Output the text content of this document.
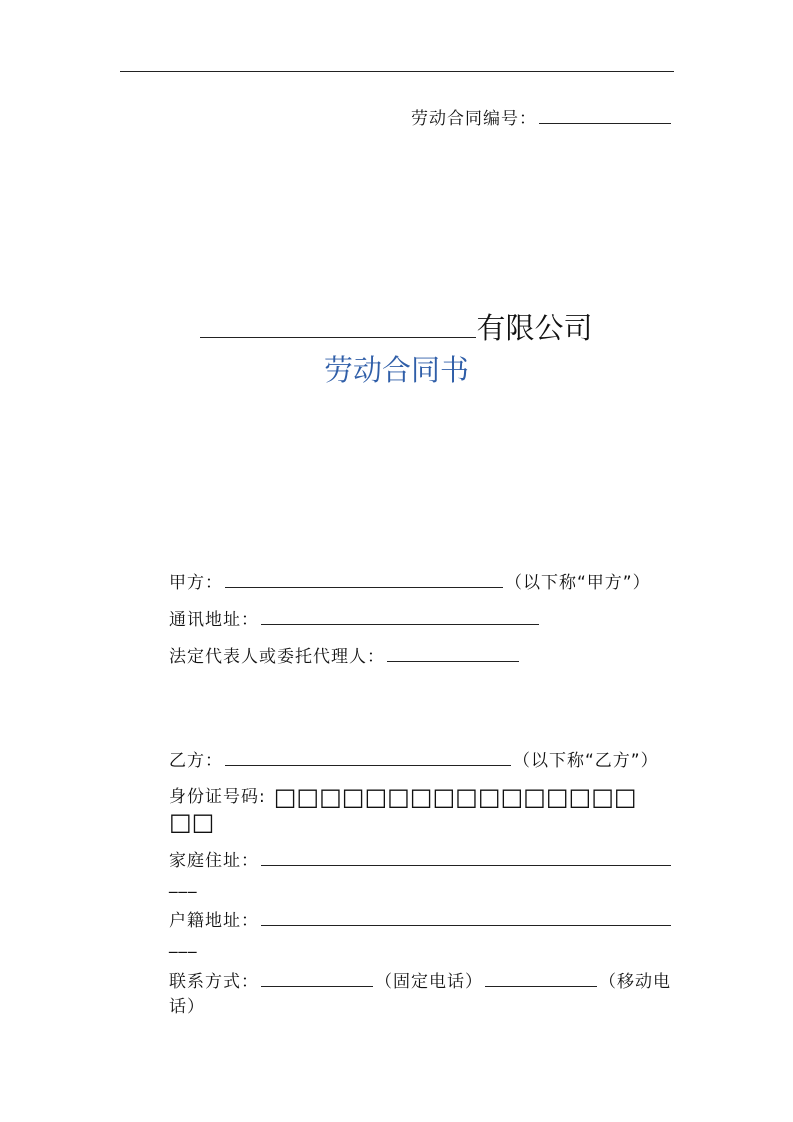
劳动合同编号：
有限公司
劳动合同书
甲方：	（以下称“甲方”）
通讯地址：
法定代表人或委托代理人：
乙方：	（以下称“乙方”）
身份证号码: □□□□□□□□□□□□□□□□
□□
家庭住址：
___
户籍地址：
___
联系方式：	（固定电话）	（移动电
话）
